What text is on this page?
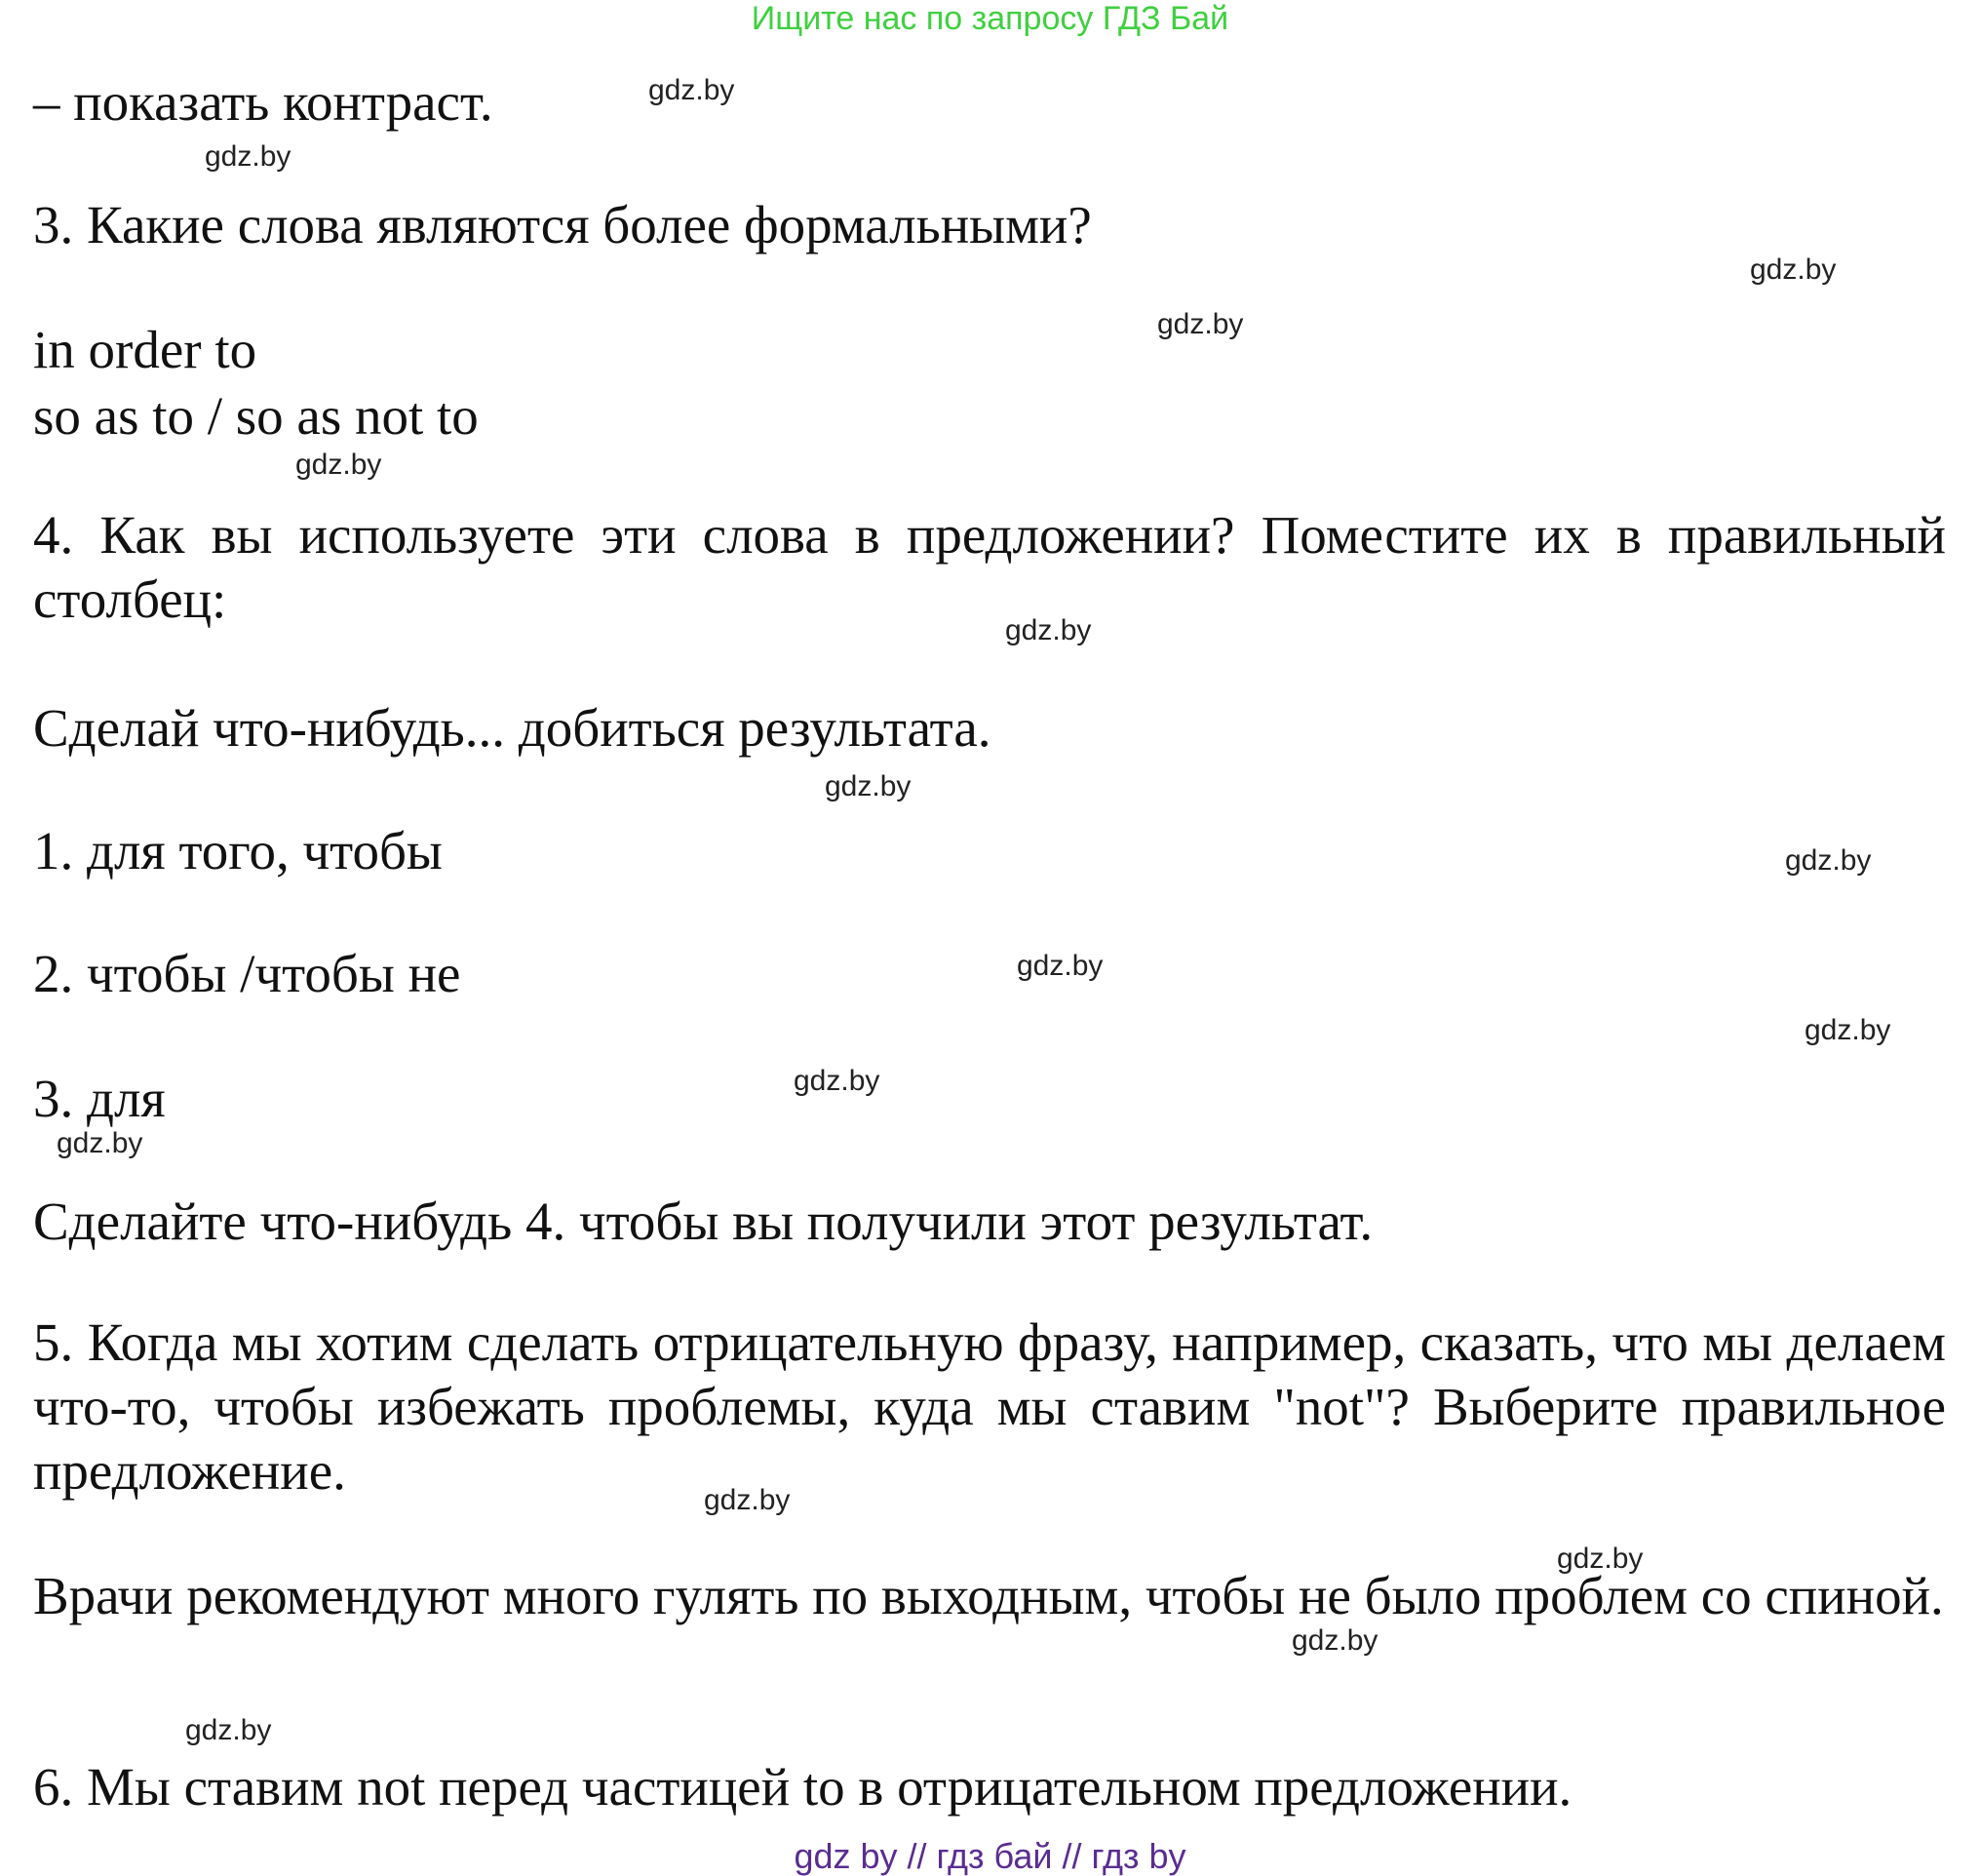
Ищите нас по запросу ГДЗ Бай

– показать контраст.

3. Какие слова являются более формальными?

in order to

so as to / so as not to

4. Как вы используете эти слова в предложении? Поместите их в правильный столбец:

Сделай что-нибудь... добиться результата.

1. для того, чтобы

2. чтобы /чтобы не

3. для

Сделайте что-нибудь 4. чтобы вы получили этот результат.

5. Когда мы хотим сделать отрицательную фразу, например, сказать, что мы делаем что-то, чтобы избежать проблемы, куда мы ставим "not"? Выберите правильное предложение.

Врачи рекомендуют много гулять по выходным, чтобы не было проблем со спиной.

6. Мы ставим not перед частицей to в отрицательном предложении.

gdz.by
gdz.by
gdz.by
gdz.by
gdz.by
gdz.by
gdz.by
gdz.by
gdz.by
gdz.by
gdz.by
gdz.by
gdz.by
gdz.by
gdz.by
gdz.by
gdz by // гдз бай // гдз by
